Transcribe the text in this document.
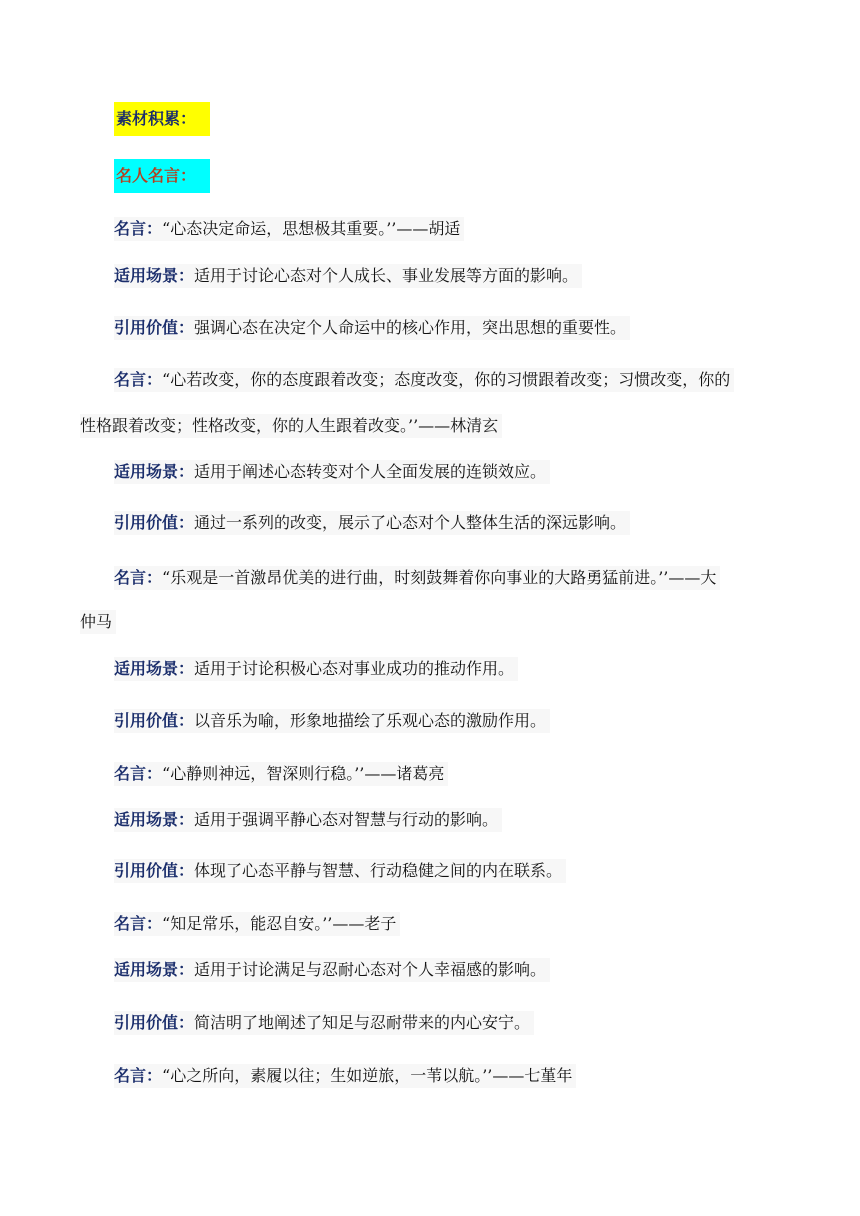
素材积累：
名人名言：
名言：“心态决定命运，思想极其重要。’’——胡适
适用场景：适用于讨论心态对个人成长、事业发展等方面的影响。
引用价值：强调心态在决定个人命运中的核心作用，突出思想的重要性。
名言：“心若改变，你的态度跟着改变；态度改变，你的习惯跟着改变；习惯改变，你的
性格跟着改变；性格改变，你的人生跟着改变。’’——林清玄
适用场景：适用于阐述心态转变对个人全面发展的连锁效应。
引用价值：通过一系列的改变，展示了心态对个人整体生活的深远影响。
名言：“乐观是一首激昂优美的进行曲，时刻鼓舞着你向事业的大路勇猛前进。’’——大
仲马
适用场景：适用于讨论积极心态对事业成功的推动作用。
引用价值：以音乐为喻，形象地描绘了乐观心态的激励作用。
名言：“心静则神远，智深则行稳。’’——诸葛亮
适用场景：适用于强调平静心态对智慧与行动的影响。
引用价值：体现了心态平静与智慧、行动稳健之间的内在联系。
名言：“知足常乐，能忍自安。’’——老子
适用场景：适用于讨论满足与忍耐心态对个人幸福感的影响。
引用价值：简洁明了地阐述了知足与忍耐带来的内心安宁。
名言：“心之所向，素履以往；生如逆旅，一苇以航。’’——七堇年
